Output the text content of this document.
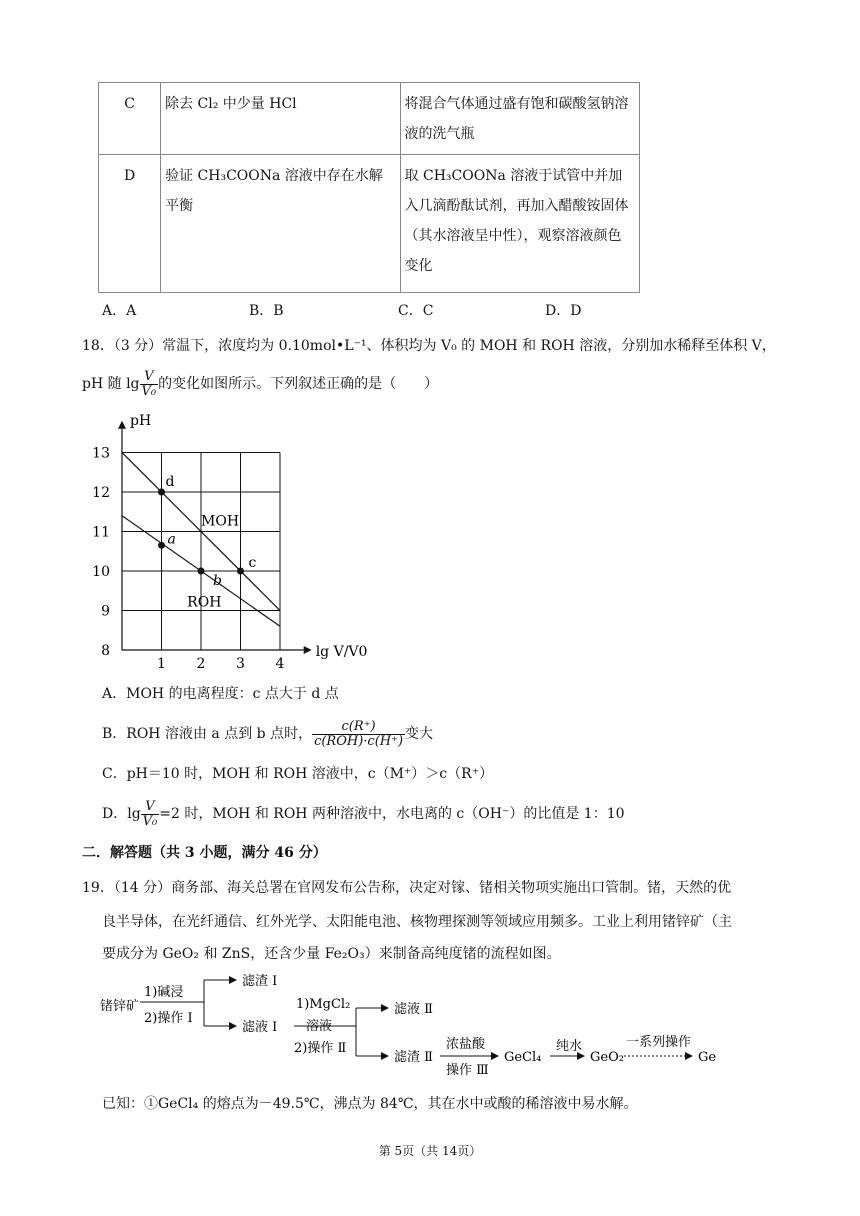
C	除去 Cl₂ 中少量 HCl	将混合气体通过盛有饱和碳酸氢钠溶液的洗气瓶
D	验证 CH₃COONa 溶液中存在水解平衡	取 CH₃COONa 溶液于试管中并加入几滴酚酞试剂，再加入醋酸铵固体（其水溶液呈中性），观察溶液颜色变化
A．A	B．B	C．C	D．D
18．（3 分）常温下，浓度均为 0.10mol•L⁻¹、体积均为 V₀ 的 MOH 和 ROH 溶液，分别加水稀释至体积 V，
pH 随 $\lg \frac{V}{\text{V₀}}$ 的变化如图所示。下列叙述正确的是（　　）
1 2 3 4
8
9
10
11
12
13
pH
lg V/V0
MOH
ROH
d
a
b
c
A．MOH 的电离程度：c 点大于 d 点
B．ROH 溶液由 a 点到 b 点时， $\frac{c(R^+)}{\text{c(ROH)·c(H⁺)}}$ 变大
C．pH＝10 时，MOH 和 ROH 溶液中，c（M⁺）＞c（R⁺）
D．$\lg \frac{V}{\text{V₀}} =2$ 时，MOH 和 ROH 两种溶液中，水电离的 c（OH⁻）的比值是 1：10
二．解答题（共 3 小题，满分 46 分）
19．（14 分）商务部、海关总署在官网发布公告称，决定对镓、锗相关物项实施出口管制。锗，天然的优
良半导体，在光纤通信、红外光学、太阳能电池、核物理探测等领域应用频多。工业上利用锗锌矿（主
要成分为 GeO₂ 和 ZnS，还含少量 Fe₂O₃）来制备高纯度锗的流程如图。
锗锌矿
1)碱浸
2)操作 Ⅰ
滤渣 Ⅰ
滤液 Ⅰ
1)MgCl₂
溶液
2)操作 Ⅱ
滤液 Ⅱ
滤渣 Ⅱ
浓盐酸
操作 Ⅲ
GeCl₄
纯水
GeO₂
一系列操作
Ge
已知：①GeCl₄ 的熔点为－49.5℃，沸点为 84℃，其在水中或酸的稀溶液中易水解。
第 5页（共 14页）
